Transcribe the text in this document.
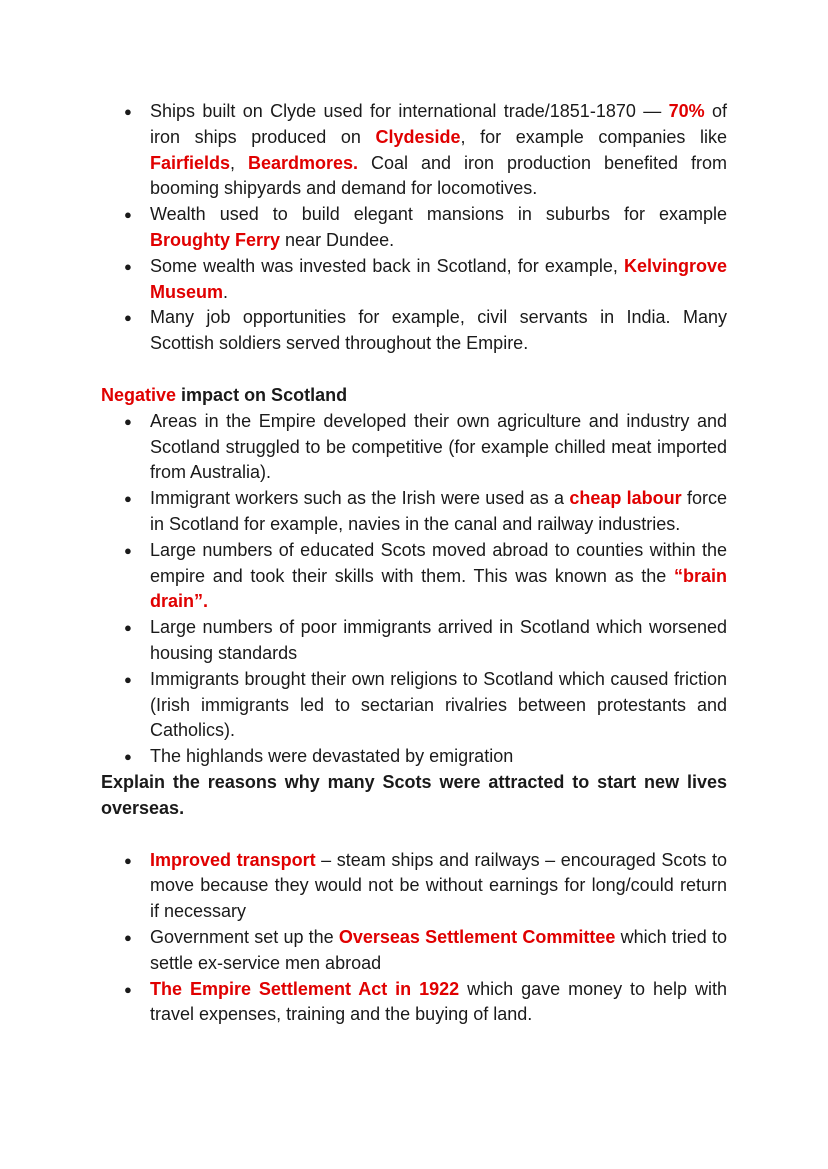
● Ships built on Clyde used for international trade/1851-1870 — 70% of iron ships produced on Clydeside, for example companies like Fairfields, Beardmores. Coal and iron production benefited from booming shipyards and demand for locomotives.
● Wealth used to build elegant mansions in suburbs for example Broughty Ferry near Dundee.
● Some wealth was invested back in Scotland, for example, Kelvingrove Museum.
● Many job opportunities for example, civil servants in India. Many Scottish soldiers served throughout the Empire.
Negative impact on Scotland
● Areas in the Empire developed their own agriculture and industry and Scotland struggled to be competitive (for example chilled meat imported from Australia).
● Immigrant workers such as the Irish were used as a cheap labour force in Scotland for example, navies in the canal and railway industries.
● Large numbers of educated Scots moved abroad to counties within the empire and took their skills with them. This was known as the “brain drain”.
● Large numbers of poor immigrants arrived in Scotland which worsened housing standards
● Immigrants brought their own religions to Scotland which caused friction (Irish immigrants led to sectarian rivalries between protestants and Catholics).
● The highlands were devastated by emigration
Explain the reasons why many Scots were attracted to start new lives overseas.
● Improved transport – steam ships and railways – encouraged Scots to move because they would not be without earnings for long/could return if necessary
● Government set up the Overseas Settlement Committee which tried to settle ex-service men abroad
● The Empire Settlement Act in 1922 which gave money to help with travel expenses, training and the buying of land.
